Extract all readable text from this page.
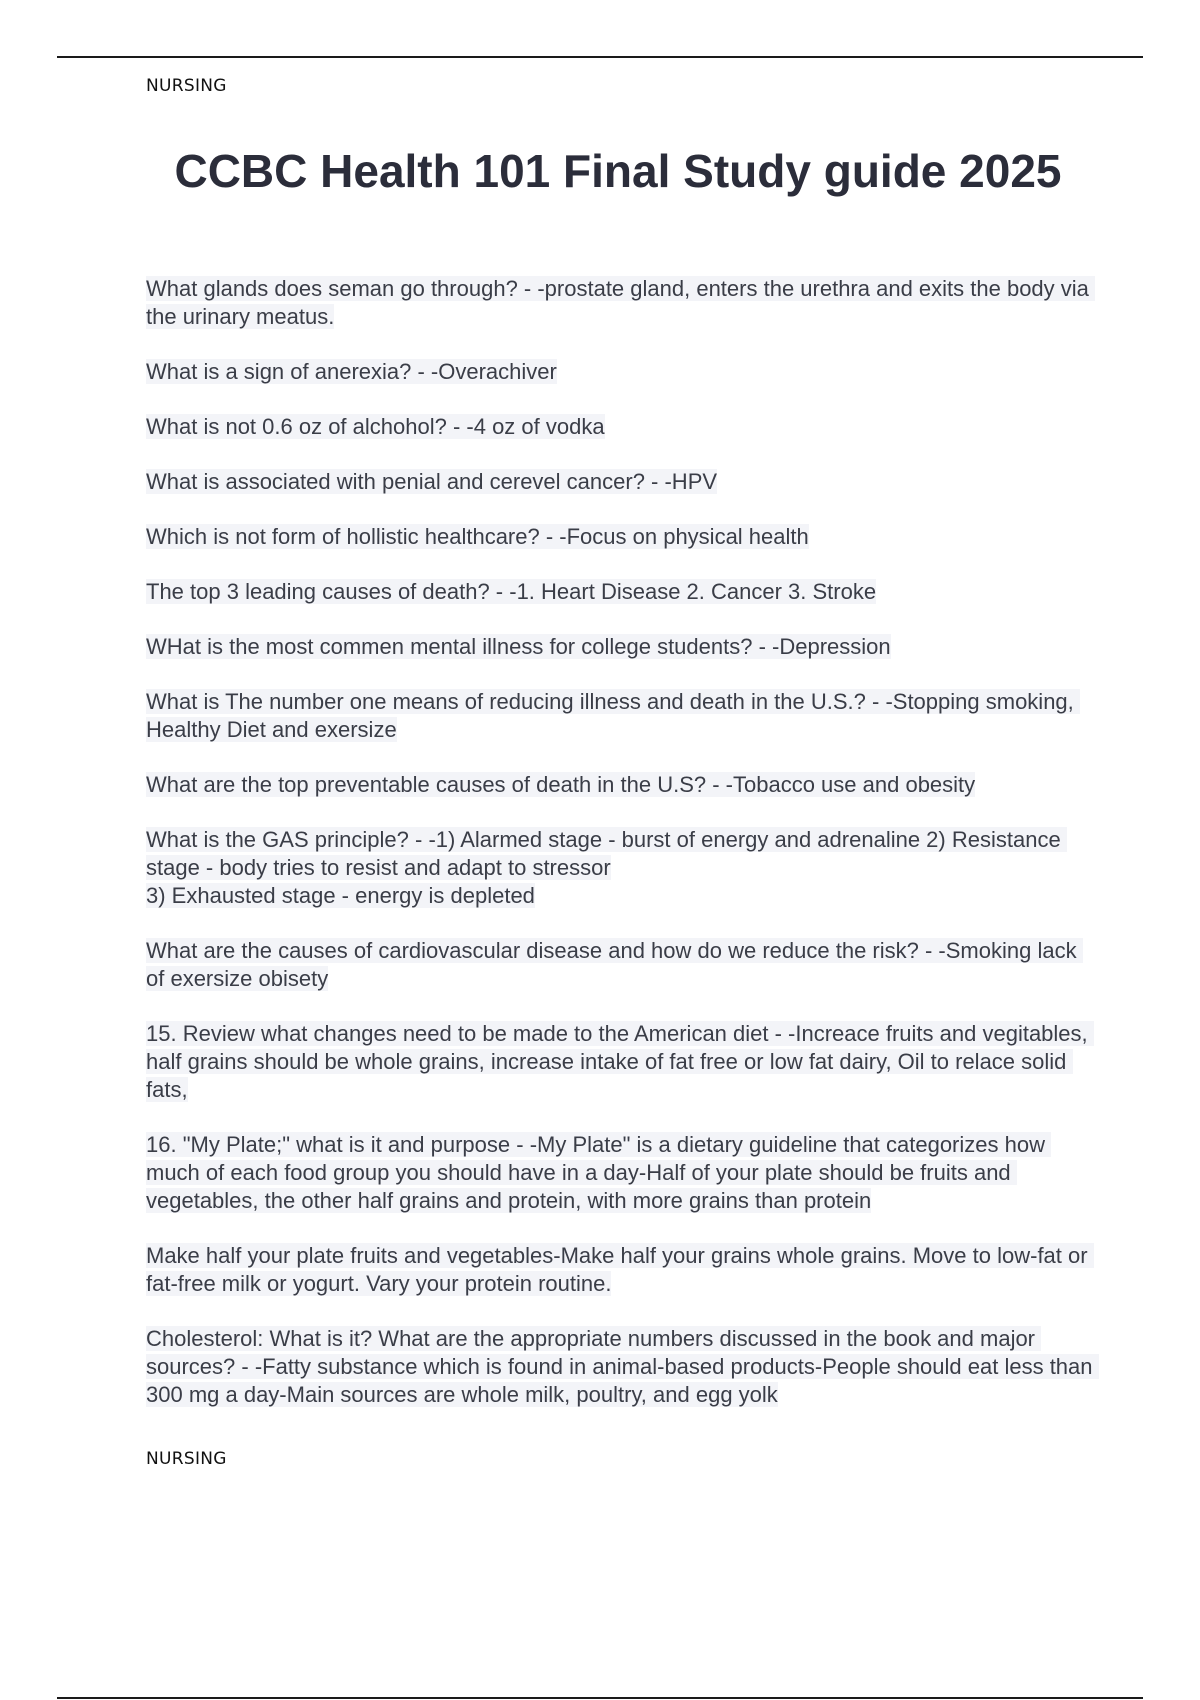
NURSING
CCBC Health 101 Final Study guide 2025
What glands does seman go through? - -prostate gland, enters the urethra and exits the body via the urinary meatus.
What is a sign of anerexia? - -Overachiver
What is not 0.6 oz of alchohol? - -4 oz of vodka
What is associated with penial and cerevel cancer? - -HPV
Which is not form of hollistic healthcare? - -Focus on physical health
The top 3 leading causes of death? - -1. Heart Disease 2. Cancer 3. Stroke
WHat is the most commen mental illness for college students? - -Depression
What is The number one means of reducing illness and death in the U.S.? - -Stopping smoking, Healthy Diet and exersize
What are the top preventable causes of death in the U.S? - -Tobacco use and obesity
What is the GAS principle? - -1) Alarmed stage - burst of energy and adrenaline 2) Resistance stage - body tries to resist and adapt to stressor
3) Exhausted stage - energy is depleted
What are the causes of cardiovascular disease and how do we reduce the risk? - -Smoking lack of exersize obisety
15. Review what changes need to be made to the American diet - -Increace fruits and vegitables, half grains should be whole grains, increase intake of fat free or low fat dairy, Oil to relace solid fats,
16. "My Plate;" what is it and purpose - -My Plate" is a dietary guideline that categorizes how much of each food group you should have in a day-Half of your plate should be fruits and vegetables, the other half grains and protein, with more grains than protein
Make half your plate fruits and vegetables-Make half your grains whole grains. Move to low-fat or fat-free milk or yogurt. Vary your protein routine.
Cholesterol: What is it? What are the appropriate numbers discussed in the book and major sources? - -Fatty substance which is found in animal-based products-People should eat less than 300 mg a day-Main sources are whole milk, poultry, and egg yolk
NURSING
